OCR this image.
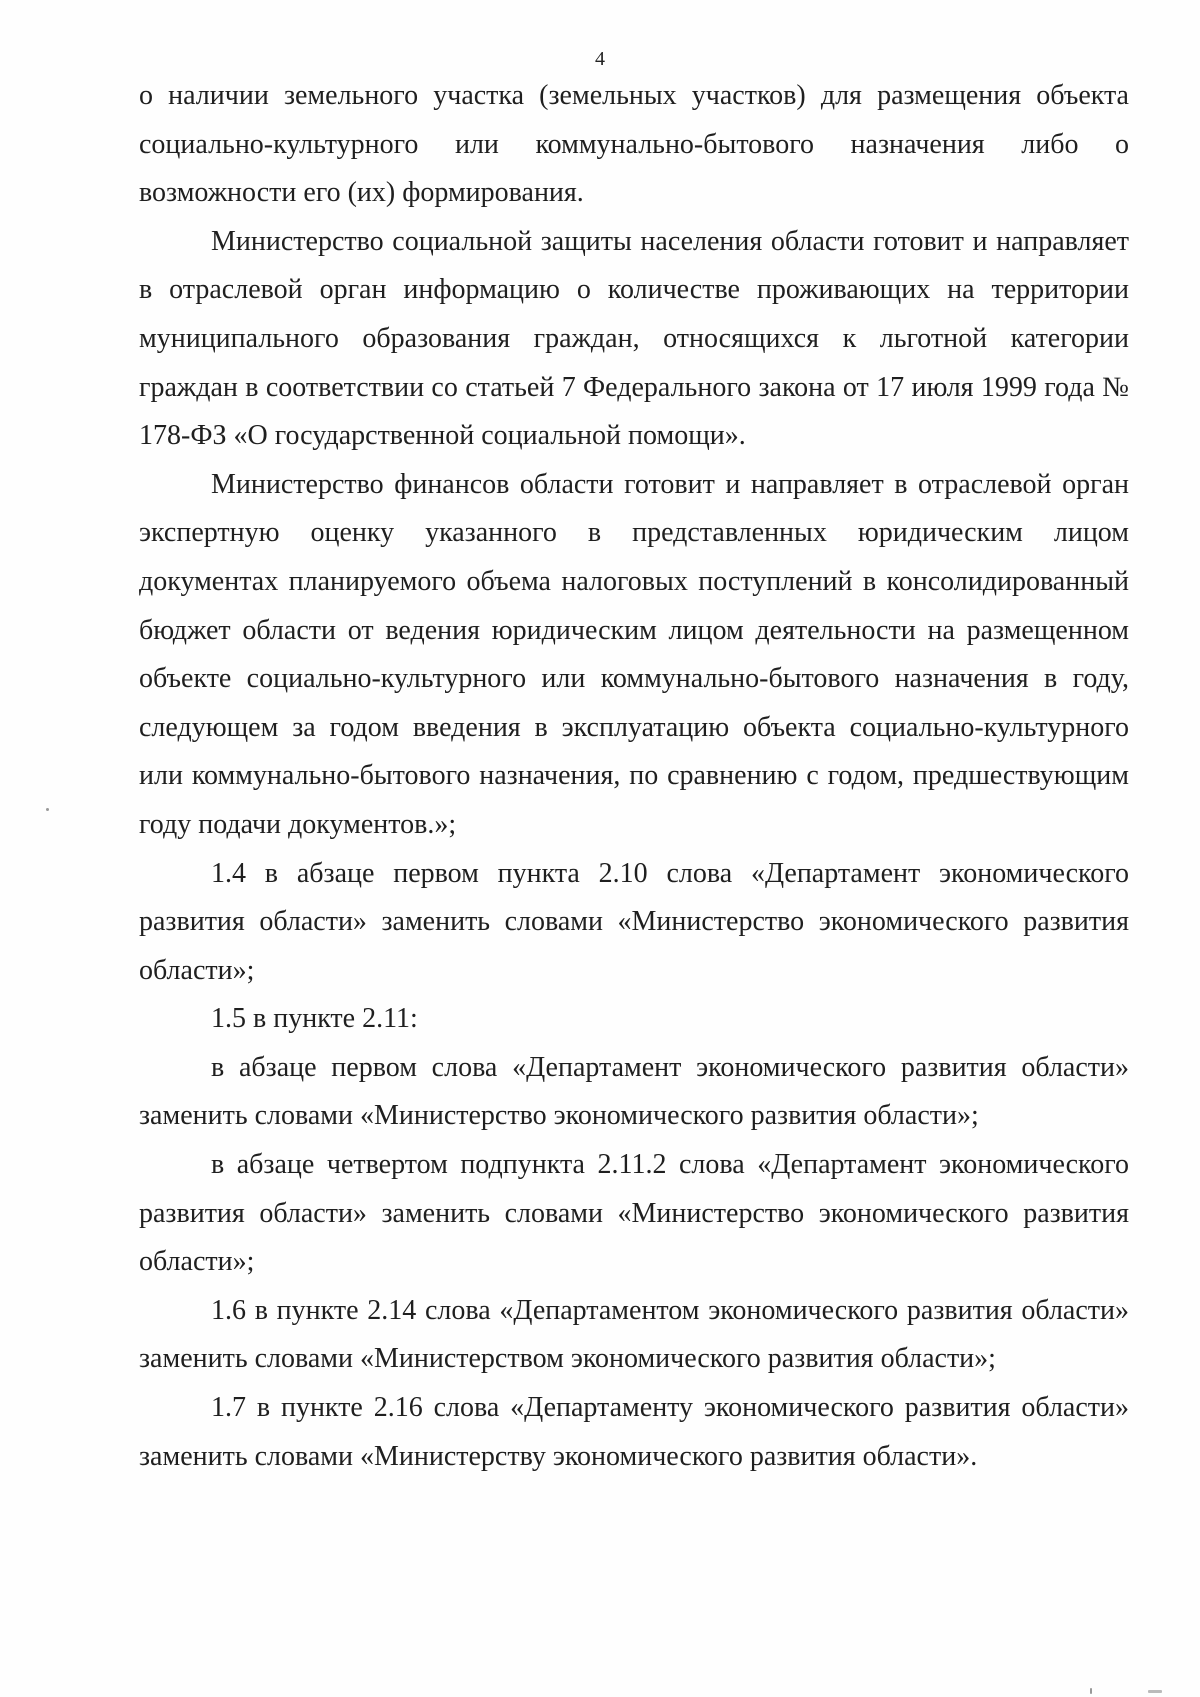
4

о наличии земельного участка (земельных участков) для размещения объекта социально-культурного или коммунально-бытового назначения либо о возможности его (их) формирования.

Министерство социальной защиты населения области готовит и направляет в отраслевой орган информацию о количестве проживающих на территории муниципального образования граждан, относящихся к льготной категории граждан в соответствии со статьей 7 Федерального закона от 17 июля 1999 года № 178-ФЗ «О государственной социальной помощи».

Министерство финансов области готовит и направляет в отраслевой орган экспертную оценку указанного в представленных юридическим лицом документах планируемого объема налоговых поступлений в консолидированный бюджет области от ведения юридическим лицом деятельности на размещенном объекте социально-культурного или коммунально-бытового назначения в году, следующем за годом введения в эксплуатацию объекта социально-культурного или коммунально-бытового назначения, по сравнению с годом, предшествующим году подачи документов.»;

1.4 в абзаце первом пункта 2.10 слова «Департамент экономического развития области» заменить словами «Министерство экономического развития области»;

1.5 в пункте 2.11:

в абзаце первом слова «Департамент экономического развития области» заменить словами «Министерство экономического развития области»;

в абзаце четвертом подпункта 2.11.2 слова «Департамент экономического развития области» заменить словами «Министерство экономического развития области»;

1.6 в пункте 2.14 слова «Департаментом экономического развития области» заменить словами «Министерством экономического развития области»;

1.7 в пункте 2.16 слова «Департаменту экономического развития области» заменить словами «Министерству экономического развития области».
